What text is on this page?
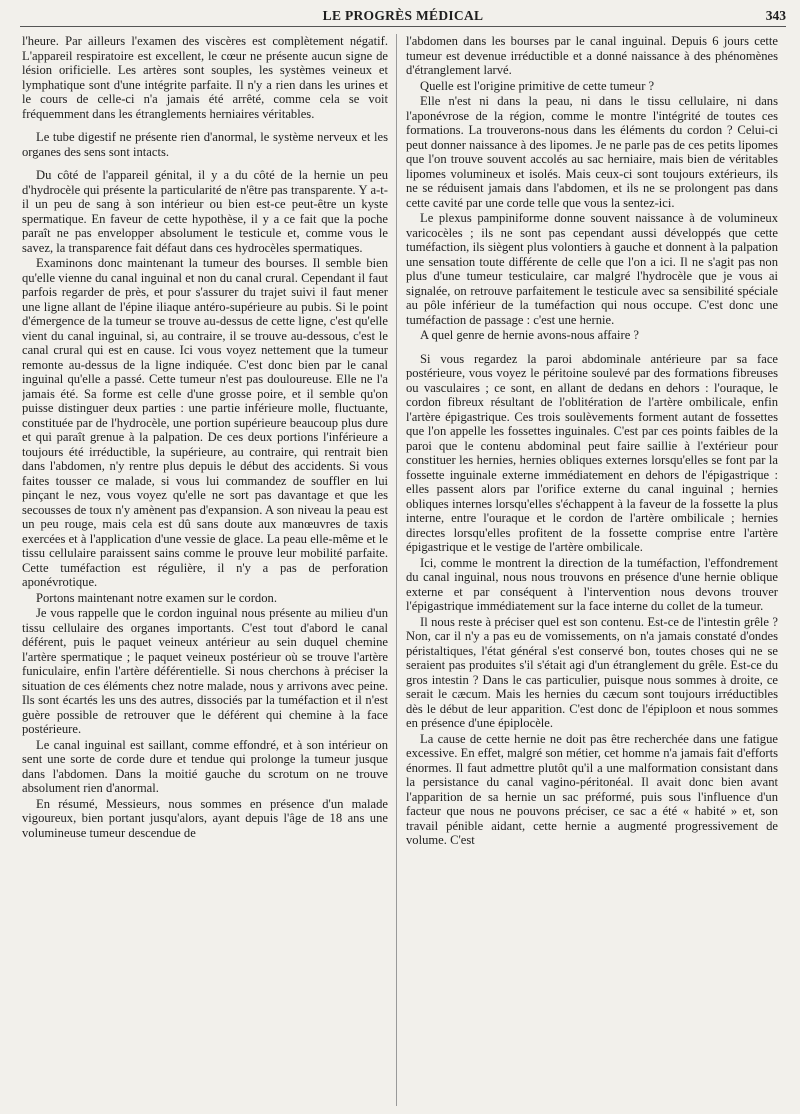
LE PROGRÈS MÉDICAL	343

l'heure. Par ailleurs l'examen des viscères est complètement négatif. L'appareil respiratoire est excellent, le cœur ne présente aucun signe de lésion orificielle. Les artères sont souples, les systèmes veineux et lymphatique sont d'une intégrite parfaite. Il n'y a rien dans les urines et le cours de celle-ci n'a jamais été arrêté, comme cela se voit fréquemment dans les étranglements herniaires véritables.

Le tube digestif ne présente rien d'anormal, le système nerveux et les organes des sens sont intacts.

Du côté de l'appareil génital, il y a du côté de la hernie un peu d'hydrocèle qui présente la particularité de n'être pas transparente. Y a-t-il un peu de sang à son intérieur ou bien est-ce peut-être un kyste spermatique. En faveur de cette hypothèse, il y a ce fait que la poche paraît ne pas envelopper absolument le testicule et, comme vous le savez, la transparence fait défaut dans ces hydrocèles spermatiques.

Examinons donc maintenant la tumeur des bourses. Il semble bien qu'elle vienne du canal inguinal et non du canal crural. Cependant il faut parfois regarder de près, et pour s'assurer du trajet suivi il faut mener une ligne allant de l'épine iliaque antéro-supérieure au pubis. Si le point d'émergence de la tumeur se trouve au-dessus de cette ligne, c'est qu'elle vient du canal inguinal, si, au contraire, il se trouve au-dessous, c'est le canal crural qui est en cause. Ici vous voyez nettement que la tumeur remonte au-dessus de la ligne indiquée. C'est donc bien par le canal inguinal qu'elle a passé. Cette tumeur n'est pas douloureuse. Elle ne l'a jamais été. Sa forme est celle d'une grosse poire, et il semble qu'on puisse distinguer deux parties : une partie inférieure molle, fluctuante, constituée par de l'hydrocèle, une portion supérieure beaucoup plus dure et qui paraît grenue à la palpation. De ces deux portions l'inférieure a toujours été irréductible, la supérieure, au contraire, qui rentrait bien dans l'abdomen, n'y rentre plus depuis le début des accidents. Si vous faites tousser ce malade, si vous lui commandez de souffler en lui pinçant le nez, vous voyez qu'elle ne sort pas davantage et que les secousses de toux n'y amènent pas d'expansion. A son niveau la peau est un peu rouge, mais cela est dû sans doute aux manœuvres de taxis exercées et à l'application d'une vessie de glace. La peau elle-même et le tissu cellulaire paraissent sains comme le prouve leur mobilité parfaite. Cette tuméfaction est régulière, il n'y a pas de perforation aponévrotique.

Portons maintenant notre examen sur le cordon.

Je vous rappelle que le cordon inguinal nous présente au milieu d'un tissu cellulaire des organes importants. C'est tout d'abord le canal déférent, puis le paquet veineux antérieur au sein duquel chemine l'artère spermatique ; le paquet veineux postérieur où se trouve l'artère funiculaire, enfin l'artère déférentielle. Si nous cherchons à préciser la situation de ces éléments chez notre malade, nous y arrivons avec peine. Ils sont écartés les uns des autres, dissociés par la tuméfaction et il n'est guère possible de retrouver que le déférent qui chemine à la face postérieure.

Le canal inguinal est saillant, comme effondré, et à son intérieur on sent une sorte de corde dure et tendue qui prolonge la tumeur jusque dans l'abdomen. Dans la moitié gauche du scrotum on ne trouve absolument rien d'anormal.

En résumé, Messieurs, nous sommes en présence d'un malade vigoureux, bien portant jusqu'alors, ayant depuis l'âge de 18 ans une volumineuse tumeur descendue de

l'abdomen dans les bourses par le canal inguinal. Depuis 6 jours cette tumeur est devenue irréductible et a donné naissance à des phénomènes d'étranglement larvé.

Quelle est l'origine primitive de cette tumeur ?

Elle n'est ni dans la peau, ni dans le tissu cellulaire, ni dans l'aponévrose de la région, comme le montre l'intégrité de toutes ces formations. La trouverons-nous dans les éléments du cordon ? Celui-ci peut donner naissance à des lipomes. Je ne parle pas de ces petits lipomes que l'on trouve souvent accolés au sac herniaire, mais bien de véritables lipomes volumineux et isolés. Mais ceux-ci sont toujours extérieurs, ils ne se réduisent jamais dans l'abdomen, et ils ne se prolongent pas dans cette cavité par une corde telle que vous la sentez-ici.

Le plexus pampiniforme donne souvent naissance à de volumineux varicocèles ; ils ne sont pas cependant aussi développés que cette tuméfaction, ils siègent plus volontiers à gauche et donnent à la palpation une sensation toute différente de celle que l'on a ici. Il ne s'agit pas non plus d'une tumeur testiculaire, car malgré l'hydrocèle que je vous ai signalée, on retrouve parfaitement le testicule avec sa sensibilité spéciale au pôle inférieur de la tuméfaction qui nous occupe. C'est donc une tuméfaction de passage : c'est une hernie.

A quel genre de hernie avons-nous affaire ?

Si vous regardez la paroi abdominale antérieure par sa face postérieure, vous voyez le péritoine soulevé par des formations fibreuses ou vasculaires ; ce sont, en allant de dedans en dehors : l'ouraque, le cordon fibreux résultant de l'oblitération de l'artère ombilicale, enfin l'artère épigastrique. Ces trois soulèvements forment autant de fossettes que l'on appelle les fossettes inguinales. C'est par ces points faibles de la paroi que le contenu abdominal peut faire saillie à l'extérieur pour constituer les hernies, hernies obliques externes lorsqu'elles se font par la fossette inguinale externe immédiatement en dehors de l'épigastrique : elles passent alors par l'orifice externe du canal inguinal ; hernies obliques internes lorsqu'elles s'échappent à la faveur de la fossette la plus interne, entre l'ouraque et le cordon de l'artère ombilicale ; hernies directes lorsqu'elles profitent de la fossette comprise entre l'artère épigastrique et le vestige de l'artère ombilicale.

Ici, comme le montrent la direction de la tuméfaction, l'effondrement du canal inguinal, nous nous trouvons en présence d'une hernie oblique externe et par conséquent à l'intervention nous devons trouver l'épigastrique immédiatement sur la face interne du collet de la tumeur.

Il nous reste à préciser quel est son contenu. Est-ce de l'intestin grêle ? Non, car il n'y a pas eu de vomissements, on n'a jamais constaté d'ondes péristaltiques, l'état général s'est conservé bon, toutes choses qui ne se seraient pas produites s'il s'était agi d'un étranglement du grêle. Est-ce du gros intestin ? Dans le cas particulier, puisque nous sommes à droite, ce serait le cæcum. Mais les hernies du cæcum sont toujours irréductibles dès le début de leur apparition. C'est donc de l'épiploon et nous sommes en présence d'une épiplocèle.

La cause de cette hernie ne doit pas être recherchée dans une fatigue excessive. En effet, malgré son métier, cet homme n'a jamais fait d'efforts énormes. Il faut admettre plutôt qu'il a une malformation consistant dans la persistance du canal vagino-péritonéal. Il avait donc bien avant l'apparition de sa hernie un sac préformé, puis sous l'influence d'un facteur que nous ne pouvons préciser, ce sac a été « habité » et, son travail pénible aidant, cette hernie a augmenté progressivement de volume. C'est
